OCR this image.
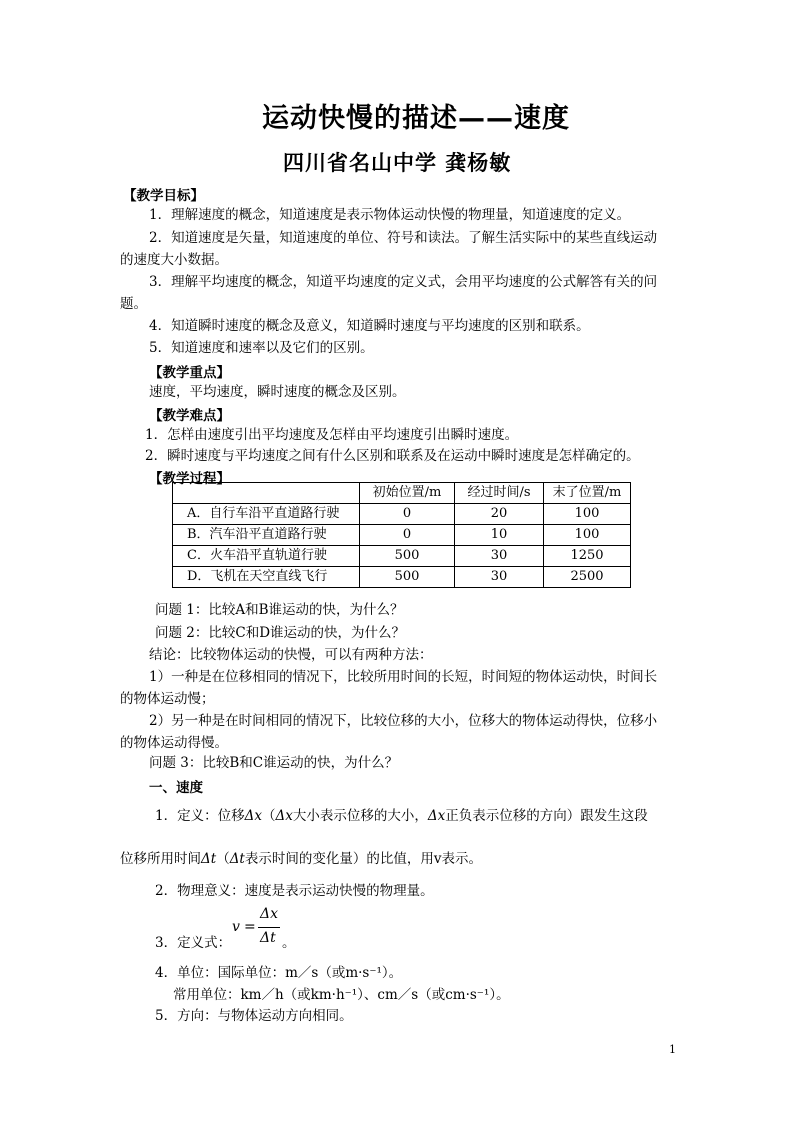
运动快慢的描述——速度
四川省名山中学 龚杨敏
【教学目标】
1．理解速度的概念，知道速度是表示物体运动快慢的物理量，知道速度的定义。
2．知道速度是矢量，知道速度的单位、符号和读法。了解生活实际中的某些直线运动
的速度大小数据。
3．理解平均速度的概念，知道平均速度的定义式，会用平均速度的公式解答有关的问
题。
4．知道瞬时速度的概念及意义，知道瞬时速度与平均速度的区别和联系。
5．知道速度和速率以及它们的区别。
【教学重点】
速度，平均速度，瞬时速度的概念及区别。
【教学难点】
1．怎样由速度引出平均速度及怎样由平均速度引出瞬时速度。
2．瞬时速度与平均速度之间有什么区别和联系及在运动中瞬时速度是怎样确定的。
【教学过程】
	初始位置/m	经过时间/s	末了位置/m
A．自行车沿平直道路行驶	0	20	100
B．汽车沿平直道路行驶	0	10	100
C．火车沿平直轨道行驶	500	30	1250
D．飞机在天空直线飞行	500	30	2500
问题 1：比较A和B谁运动的快，为什么？
问题 2：比较C和D谁运动的快，为什么？
结论：比较物体运动的快慢，可以有两种方法：
1）一种是在位移相同的情况下，比较所用时间的长短，时间短的物体运动快，时间长
的物体运动慢；
2）另一种是在时间相同的情况下，比较位移的大小，位移大的物体运动得快，位移小
的物体运动得慢。
问题 3：比较B和C谁运动的快，为什么？
一、速度
1．定义：位移Δx（Δx大小表示位移的大小，Δx正负表示位移的方向）跟发生这段
位移所用时间Δt（Δt表示时间的变化量）的比值，用v表示。
2．物理意义：速度是表示运动快慢的物理量。
v =
Δx
Δt
3．定义式：	。
4．单位：国际单位：m／s（或m·s⁻¹）。
常用单位：km／h（或km·h⁻¹）、cm／s（或cm·s⁻¹）。
5．方向：与物体运动方向相同。
1
